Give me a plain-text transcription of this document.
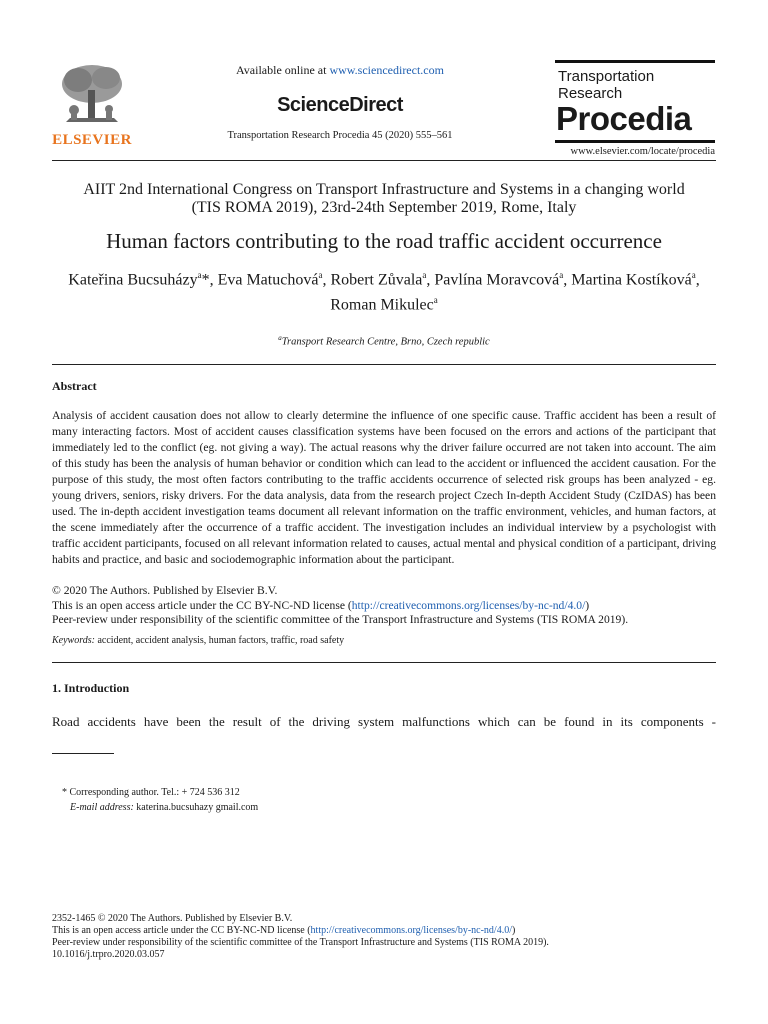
ELSEVIER
Available online at www.sciencedirect.com
ScienceDirect
Transportation Research Procedia 45 (2020) 555–561
Transportation
Research
Procedia
www.elsevier.com/locate/procedia
AIIT 2nd International Congress on Transport Infrastructure and Systems in a changing world
(TIS ROMA 2019), 23rd-24th September 2019, Rome, Italy
Human factors contributing to the road traffic accident occurrence
Kateřina Bucsuházy$^a$*, Eva Matuchová$^a$, Robert Zůvala$^a$, Pavlína Moravcová$^a$, Martina Kostíková$^a$, Roman Mikulec$^a$
$^a$Transport Research Centre, Brno, Czech republic
Abstract
Analysis of accident causation does not allow to clearly determine the influence of one specific cause. Traffic accident has been a result of many interacting factors. Most of accident causes classification systems have been focused on the errors and actions of the participant that immediately led to the conflict (eg. not giving a way). The actual reasons why the driver failure occurred are not taken into account. The aim of this study has been the analysis of human behavior or condition which can lead to the accident or influenced the accident causation. For the purpose of this study, the most often factors contributing to the traffic accidents occurrence of selected risk groups has been analyzed - eg. young drivers, seniors, risky drivers. For the data analysis, data from the research project Czech In-depth Accident Study (CzIDAS) has been used. The in-depth accident investigation teams document all relevant information on the traffic environment, vehicles, and human factors, at the scene immediately after the occurrence of a traffic accident. The investigation includes an individual interview by a psychologist with traffic accident participants, focused on all relevant information related to causes, actual mental and physical condition of a participant, driving habits and practice, and basic and sociodemographic information about the participant.
© 2020 The Authors. Published by Elsevier B.V.
This is an open access article under the CC BY-NC-ND license (http://creativecommons.org/licenses/by-nc-nd/4.0/)
Peer-review under responsibility of the scientific committee of the Transport Infrastructure and Systems (TIS ROMA 2019).
Keywords: accident, accident analysis, human factors, traffic, road safety
1. Introduction
Road accidents have been the result of the driving system malfunctions which can be found in its components -
* Corresponding author. Tel.: + 724 536 312
E-mail address: katerina.bucsuhazy gmail.com
2352-1465 © 2020 The Authors. Published by Elsevier B.V.
This is an open access article under the CC BY-NC-ND license (http://creativecommons.org/licenses/by-nc-nd/4.0/)
Peer-review under responsibility of the scientific committee of the Transport Infrastructure and Systems (TIS ROMA 2019).
10.1016/j.trpro.2020.03.057
